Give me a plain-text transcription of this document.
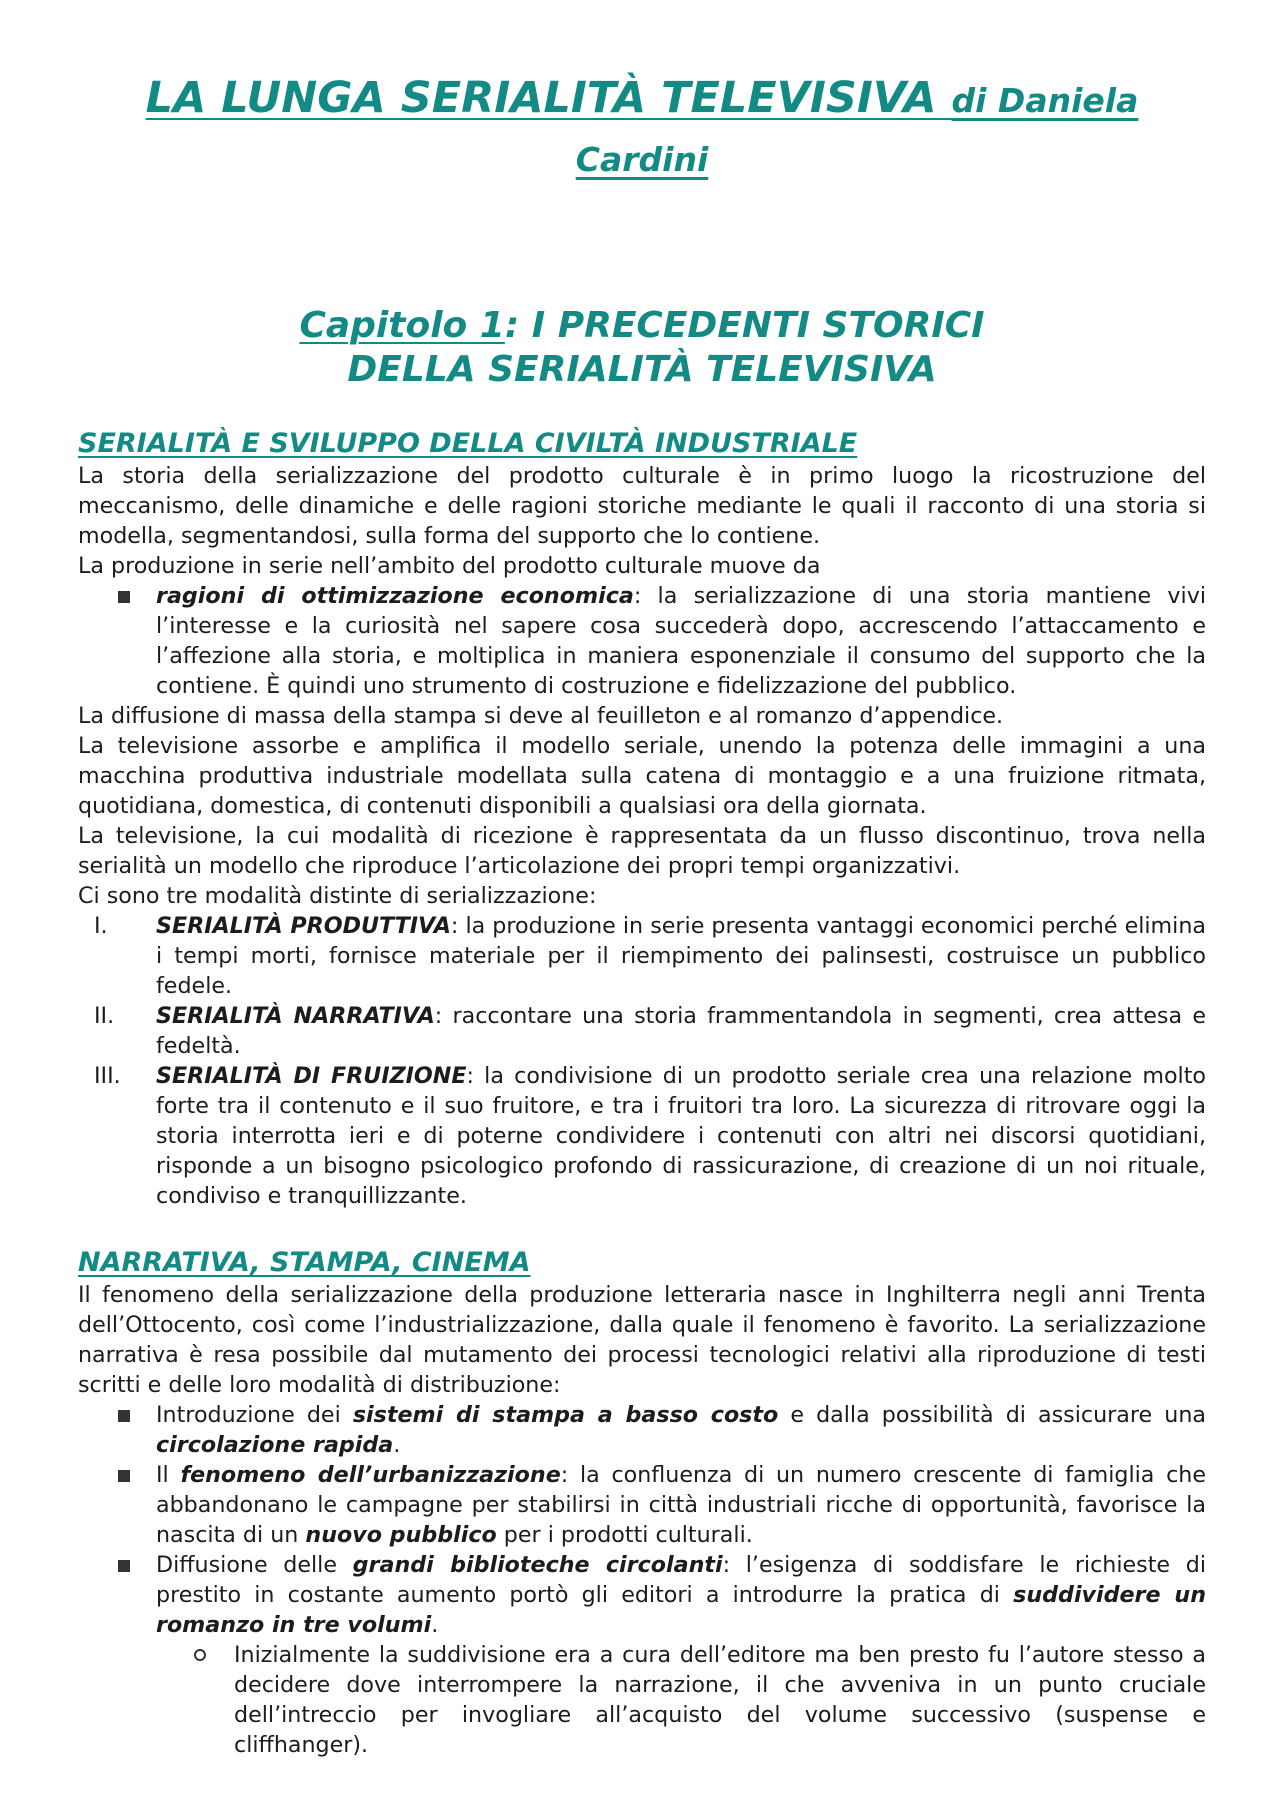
LA LUNGA SERIALITÀ TELEVISIVA di Daniela Cardini
Capitolo 1: I PRECEDENTI STORICI
DELLA SERIALITÀ TELEVISIVA
SERIALITÀ E SVILUPPO DELLA CIVILTÀ INDUSTRIALE

La storia della serializzazione del prodotto culturale è in primo luogo la ricostruzione del meccanismo, delle dinamiche e delle ragioni storiche mediante le quali il racconto di una storia si modella, segmentandosi, sulla forma del supporto che lo contiene.

La produzione in serie nell’ambito del prodotto culturale muove da

ragioni di ottimizzazione economica: la serializzazione di una storia mantiene vivi l’interesse e la curiosità nel sapere cosa succederà dopo, accrescendo l’attaccamento e l’affezione alla storia, e moltiplica in maniera esponenziale il consumo del supporto che la contiene. È quindi uno strumento di costruzione e fidelizzazione del pubblico.

La diffusione di massa della stampa si deve al feuilleton e al romanzo d’appendice.

La televisione assorbe e amplifica il modello seriale, unendo la potenza delle immagini a una macchina produttiva industriale modellata sulla catena di montaggio e a una fruizione ritmata, quotidiana, domestica, di contenuti disponibili a qualsiasi ora della giornata.

La televisione, la cui modalità di ricezione è rappresentata da un flusso discontinuo, trova nella serialità un modello che riproduce l’articolazione dei propri tempi organizzativi.

Ci sono tre modalità distinte di serializzazione:

I.	SERIALITÀ PRODUTTIVA: la produzione in serie presenta vantaggi economici perché elimina i tempi morti, fornisce materiale per il riempimento dei palinsesti, costruisce un pubblico fedele.
II.	SERIALITÀ NARRATIVA: raccontare una storia frammentandola in segmenti, crea attesa e fedeltà.
III.	SERIALITÀ DI FRUIZIONE: la condivisione di un prodotto seriale crea una relazione molto forte tra il contenuto e il suo fruitore, e tra i fruitori tra loro. La sicurezza di ritrovare oggi la storia interrotta ieri e di poterne condividere i contenuti con altri nei discorsi quotidiani, risponde a un bisogno psicologico profondo di rassicurazione, di creazione di un noi rituale, condiviso e tranquillizzante.
NARRATIVA, STAMPA, CINEMA

Il fenomeno della serializzazione della produzione letteraria nasce in Inghilterra negli anni Trenta dell’Ottocento, così come l’industrializzazione, dalla quale il fenomeno è favorito. La serializzazione narrativa è resa possibile dal mutamento dei processi tecnologici relativi alla riproduzione di testi scritti e delle loro modalità di distribuzione:

Introduzione dei sistemi di stampa a basso costo e dalla possibilità di assicurare una circolazione rapida.
Il fenomeno dell’urbanizzazione: la confluenza di un numero crescente di famiglia che abbandonano le campagne per stabilirsi in città industriali ricche di opportunità, favorisce la nascita di un nuovo pubblico per i prodotti culturali.
Diffusione delle grandi biblioteche circolanti: l’esigenza di soddisfare le richieste di prestito in costante aumento portò gli editori a introdurre la pratica di suddividere un romanzo in tre volumi.
Inizialmente la suddivisione era a cura dell’editore ma ben presto fu l’autore stesso a decidere dove interrompere la narrazione, il che avveniva in un punto cruciale dell’intreccio per invogliare all’acquisto del volume successivo (suspense e cliffhanger).
